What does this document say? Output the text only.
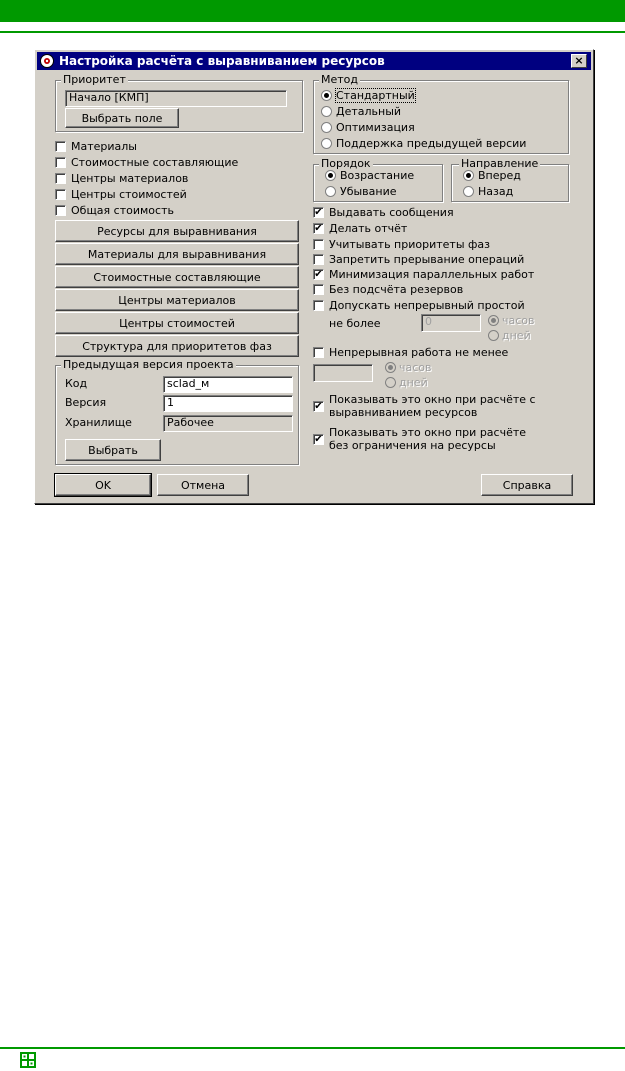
Настройка расчёта с выравниванием ресурсов	×
Приоритет
Начало [КМП]
Выбрать поле
Материалы
Стоимостные составляющие
Центры материалов
Центры стоимостей
Общая стоимость
Ресурсы для выравнивания
Материалы для выравнивания
Стоимостные составляющие
Центры материалов
Центры стоимостей
Структура для приоритетов фаз
Предыдущая версия проекта
Код	sclad_м
Версия	1
Хранилище	Рабочее
Выбрать
Метод
Стандартный
Детальный
Оптимизация
Поддержка предыдущей версии
Порядок
Возрастание
Убывание
Направление
Вперед
Назад
✔ Выдавать сообщения
✔ Делать отчёт
Учитывать приоритеты фаз
Запретить прерывание операций
✔ Минимизация параллельных работ
Без подсчёта резервов
Допускать непрерывный простой
не более	0	часов
дней
Непрерывная работа не менее
часов
дней
✔
Показывать это окно при расчёте с
выравниванием ресурсов
✔
Показывать это окно при расчёте
без ограничения на ресурсы
OK	Отмена	Справка
